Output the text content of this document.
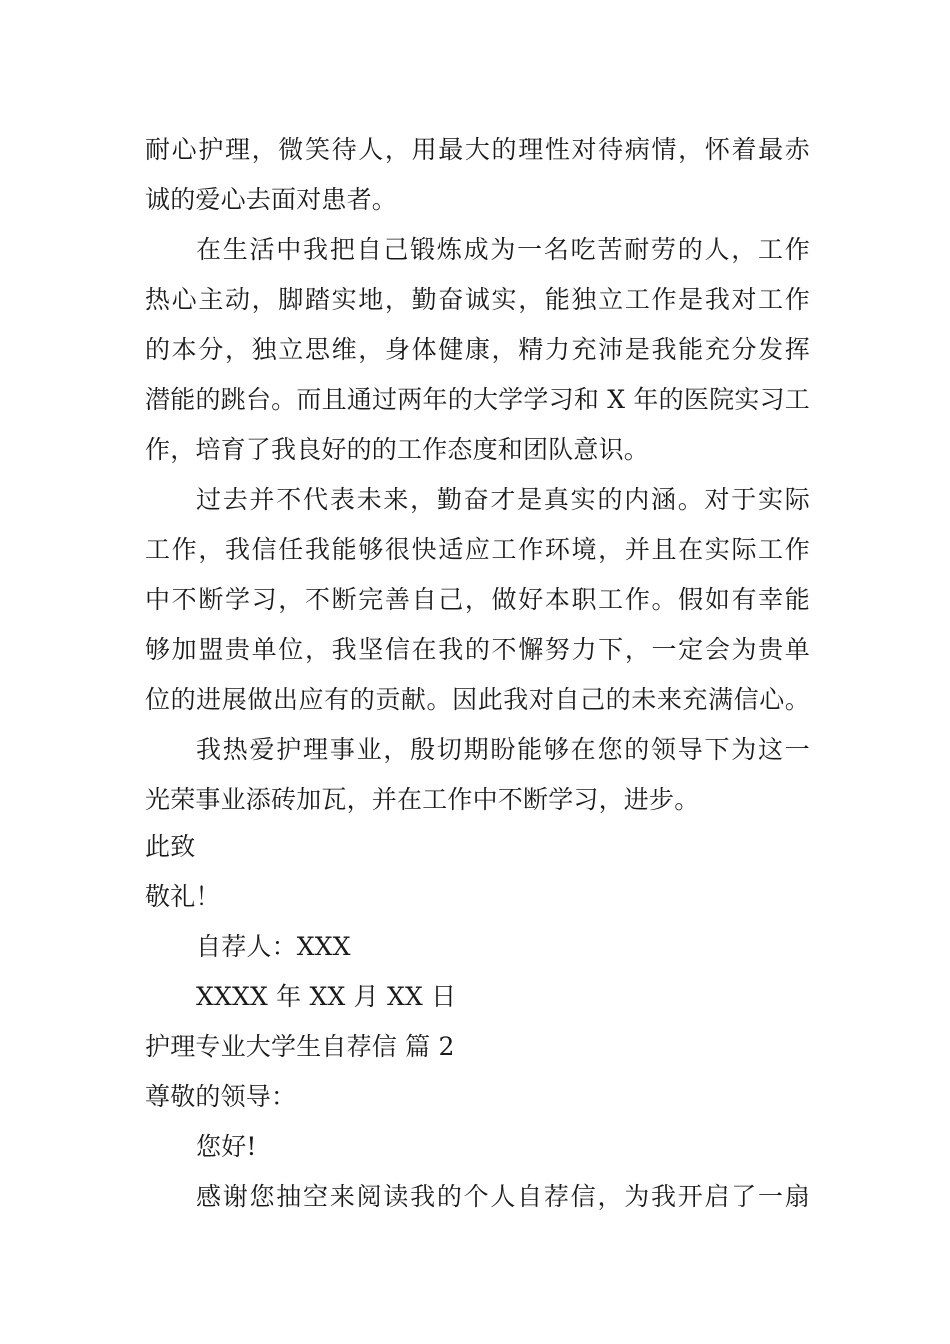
耐心护理，微笑待人，用最大的理性对待病情，怀着最赤
诚的爱心去面对患者。
在生活中我把自己锻炼成为一名吃苦耐劳的人，工作
热心主动，脚踏实地，勤奋诚实，能独立工作是我对工作
的本分，独立思维，身体健康，精力充沛是我能充分发挥
潜能的跳台。而且通过两年的大学学习和 X 年的医院实习工
作，培育了我良好的的工作态度和团队意识。
过去并不代表未来，勤奋才是真实的内涵。对于实际
工作，我信任我能够很快适应工作环境，并且在实际工作
中不断学习，不断完善自己，做好本职工作。假如有幸能
够加盟贵单位，我坚信在我的不懈努力下，一定会为贵单
位的进展做出应有的贡献。因此我对自己的未来充满信心。
我热爱护理事业，殷切期盼能够在您的领导下为这一
光荣事业添砖加瓦，并在工作中不断学习，进步。
此致
敬礼！
自荐人：XXX
XXXX 年 XX 月 XX 日
护理专业大学生自荐信 篇 2
尊敬的领导：
您好!
感谢您抽空来阅读我的个人自荐信，为我开启了一扇
